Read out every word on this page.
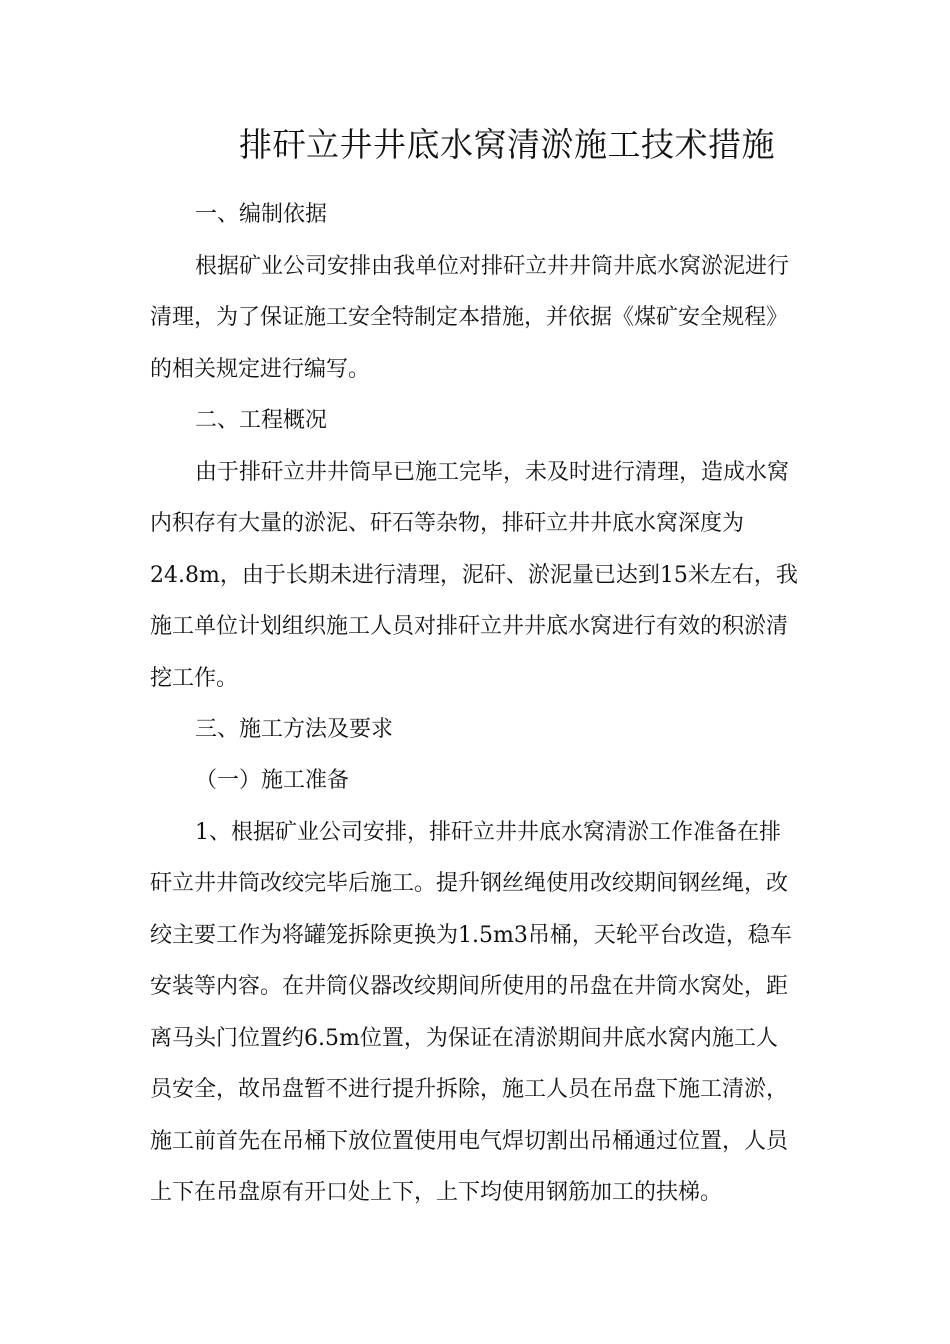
排矸立井井底水窝清淤施工技术措施
一、编制依据
根据矿业公司安排由我单位对排矸立井井筒井底水窝淤泥进行
清理，为了保证施工安全特制定本措施，并依据《煤矿安全规程》
的相关规定进行编写。
二、工程概况
由于排矸立井井筒早已施工完毕，未及时进行清理，造成水窝
内积存有大量的淤泥、矸石等杂物，排矸立井井底水窝深度为
24.8m，由于长期未进行清理，泥矸、淤泥量已达到15米左右，我
施工单位计划组织施工人员对排矸立井井底水窝进行有效的积淤清
挖工作。
三、施工方法及要求
（一）施工准备
1、根据矿业公司安排，排矸立井井底水窝清淤工作准备在排
矸立井井筒改绞完毕后施工。提升钢丝绳使用改绞期间钢丝绳，改
绞主要工作为将罐笼拆除更换为1.5m3吊桶，天轮平台改造，稳车
安装等内容。在井筒仪器改绞期间所使用的吊盘在井筒水窝处，距
离马头门位置约6.5m位置，为保证在清淤期间井底水窝内施工人
员安全，故吊盘暂不进行提升拆除，施工人员在吊盘下施工清淤，
施工前首先在吊桶下放位置使用电气焊切割出吊桶通过位置，人员
上下在吊盘原有开口处上下，上下均使用钢筋加工的扶梯。
